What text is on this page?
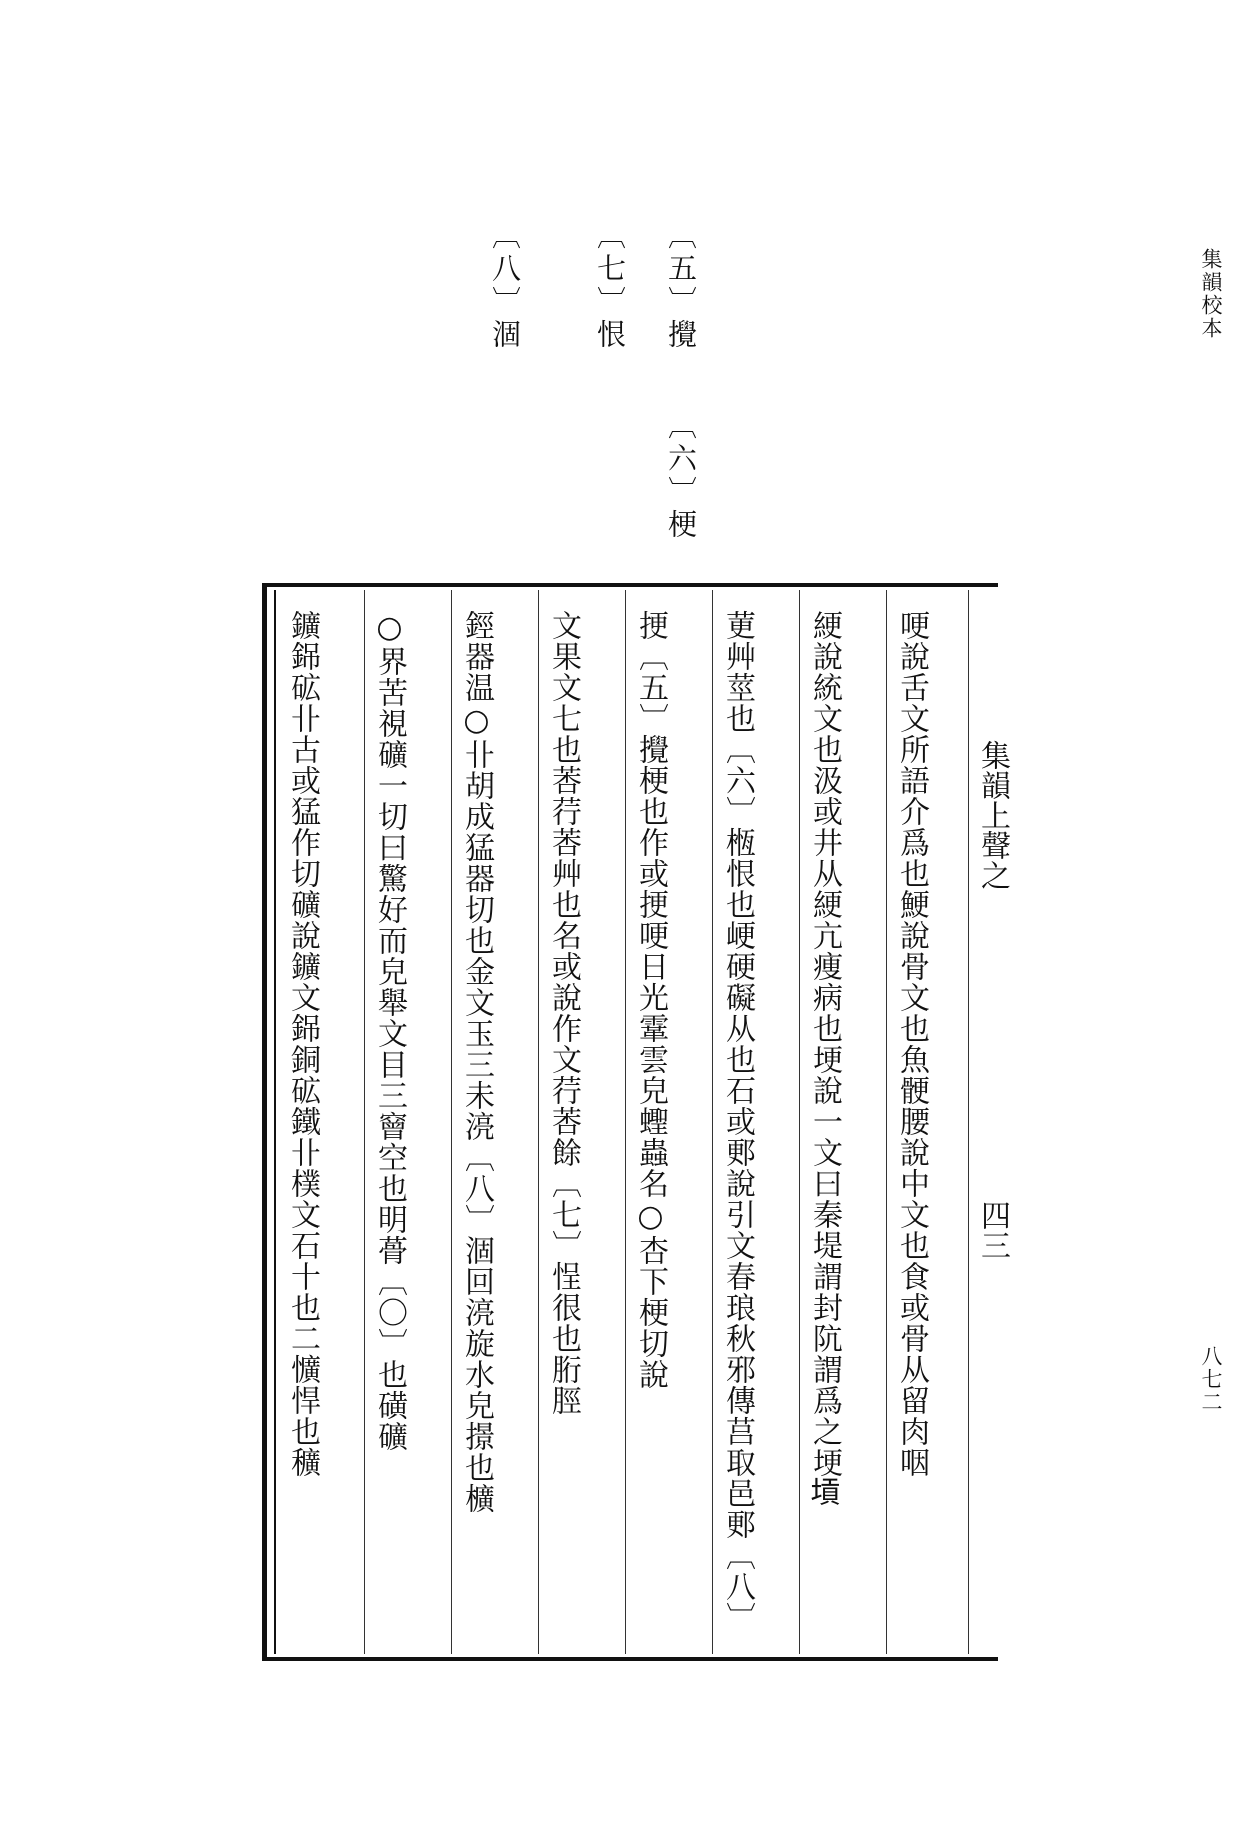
集韻校本
八七二
〔五〕攪
〔六〕梗
〔七〕恨
〔八〕涸
集韻上聲之
四三
哽說舌文所語介爲也鯁說骨文也魚骾腰說中文也食或骨从留肉咽
綆說統文也汲或井从綆亢痩病也埂說一文曰秦堤謂封阬謂爲之埂𡎴
莄艸莖也〔六〕㮓恨也峺硬礙从也石或郠說引文春琅秋邪傳莒取邑郠〔八〕
挭〔五〕攪梗也作或挭哽日光䨣雲皃蟶蟲名○杏下梗切說
文果文七也莕荇莕艸也名或說作文荇莕餘〔七〕悜很也胻脛
鋞器温○卝胡成猛器切也金文玉三未湸〔八〕涸回湸旋水皃撔也櫎
○界苦視礦一切曰驚好而皃舉文目三䆵空也明蓇〔〇〕也磺礦
鑛銱砿卝古或猛作切礦說鑛文銱銅砿鐵卝樸文石十也二懭悍也穬
